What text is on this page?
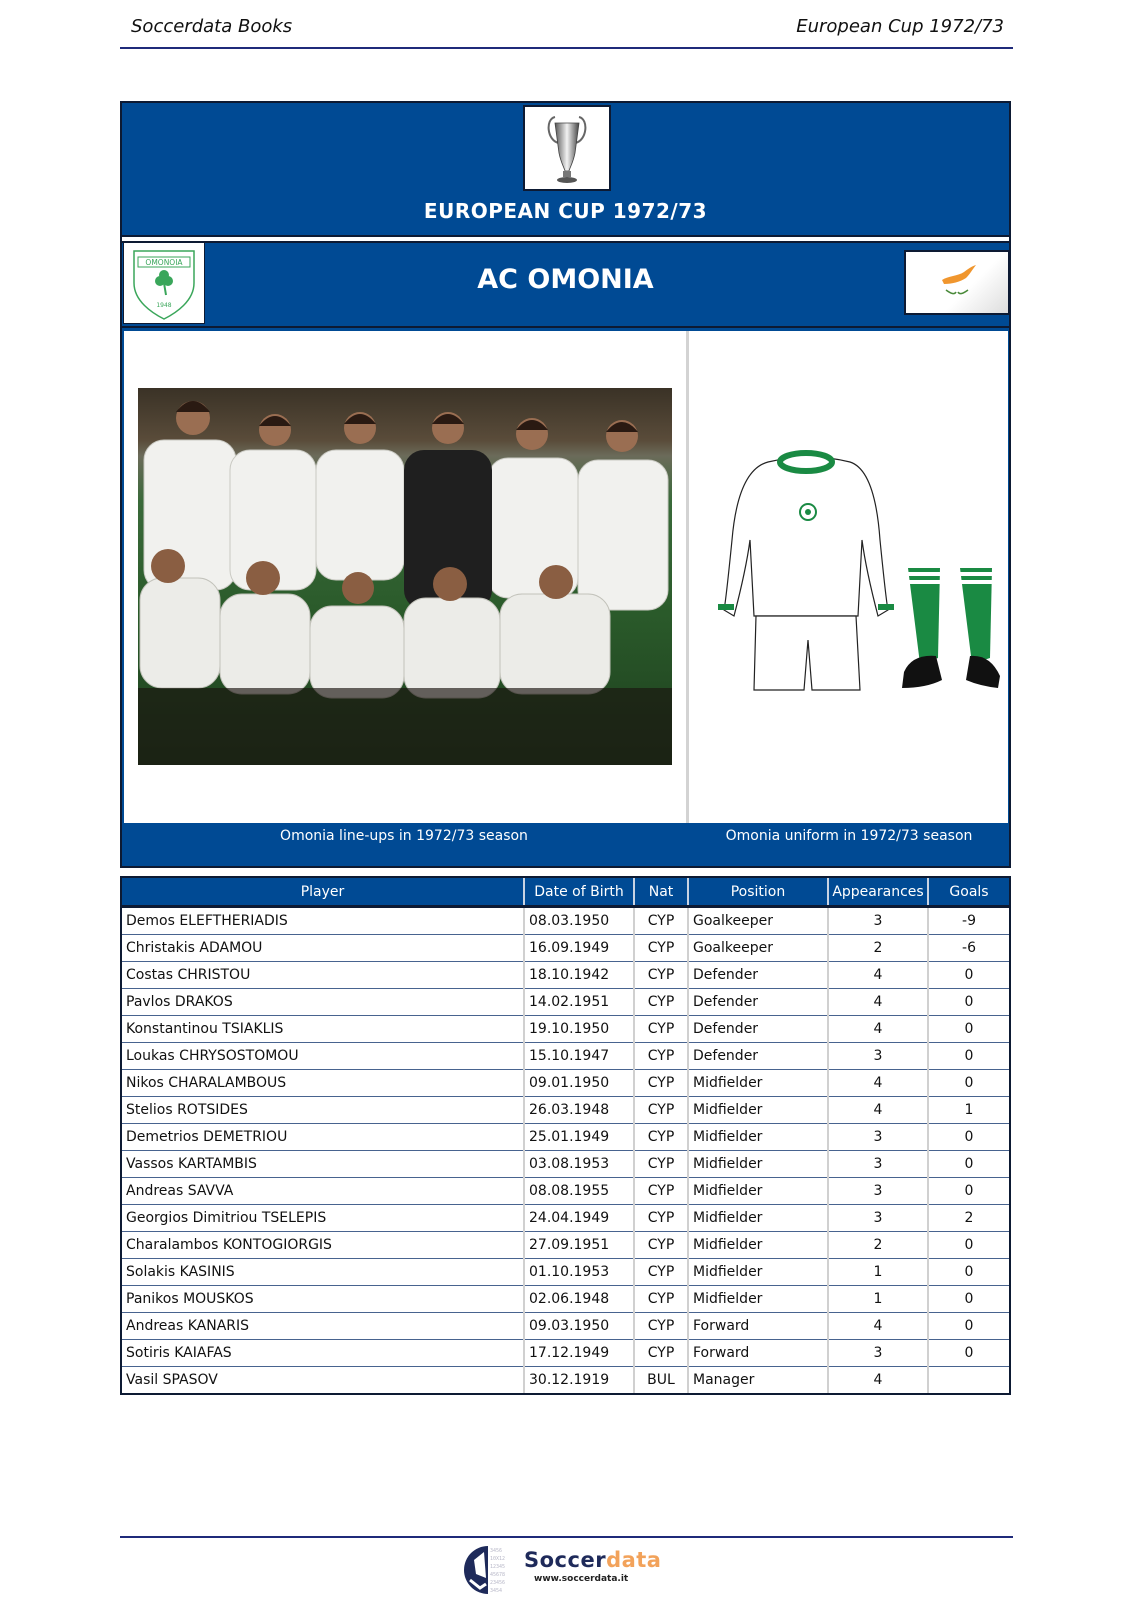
Soccerdata Books	European Cup 1972/73
EUROPEAN CUP 1972/73
OMONOIA
1948
AC OMONIA
Omonia line-ups in 1972/73 season	Omonia uniform in 1972/73 season
Player	Date of Birth	Nat	Position	Appearances	Goals
Demos ELEFTHERIADIS	08.03.1950	CYP	Goalkeeper	3	-9
Christakis ADAMOU	16.09.1949	CYP	Goalkeeper	2	-6
Costas CHRISTOU	18.10.1942	CYP	Defender	4	0
Pavlos DRAKOS	14.02.1951	CYP	Defender	4	0
Konstantinou TSIAKLIS	19.10.1950	CYP	Defender	4	0
Loukas CHRYSOSTOMOU	15.10.1947	CYP	Defender	3	0
Nikos CHARALAMBOUS	09.01.1950	CYP	Midfielder	4	0
Stelios ROTSIDES	26.03.1948	CYP	Midfielder	4	1
Demetrios DEMETRIOU	25.01.1949	CYP	Midfielder	3	0
Vassos KARTAMBIS	03.08.1953	CYP	Midfielder	3	0
Andreas SAVVA	08.08.1955	CYP	Midfielder	3	0
Georgios Dimitriou TSELEPIS	24.04.1949	CYP	Midfielder	3	2
Charalambos KONTOGIORGIS	27.09.1951	CYP	Midfielder	2	0
Solakis KASINIS	01.10.1953	CYP	Midfielder	1	0
Panikos MOUSKOS	02.06.1948	CYP	Midfielder	1	0
Andreas KANARIS	09.03.1950	CYP	Forward	4	0
Sotiris KAIAFAS	17.12.1949	CYP	Forward	3	0
Vasil SPASOV	30.12.1919	BUL	Manager	4	
3456
10X12
12345
45678
23456
3454
Soccerdata
www.soccerdata.it
